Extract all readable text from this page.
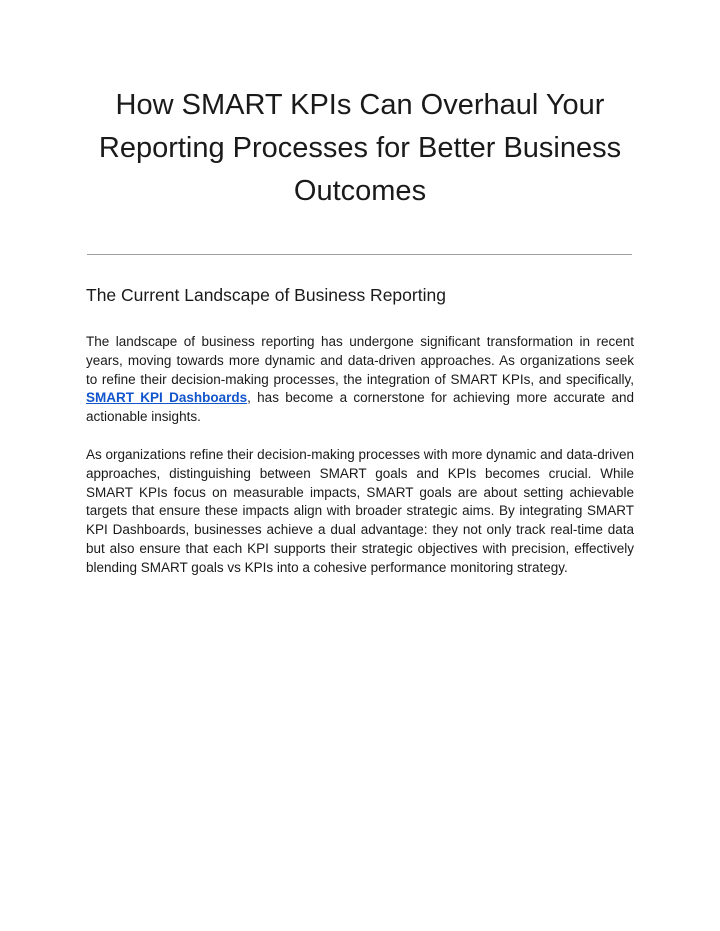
How SMART KPIs Can Overhaul Your Reporting Processes for Better Business Outcomes
The Current Landscape of Business Reporting

The landscape of business reporting has undergone significant transformation in recent years, moving towards more dynamic and data-driven approaches. As organizations seek to refine their decision-making processes, the integration of SMART KPIs, and specifically, SMART KPI Dashboards, has become a cornerstone for achieving more accurate and actionable insights.

As organizations refine their decision-making processes with more dynamic and data-driven approaches, distinguishing between SMART goals and KPIs becomes crucial. While SMART KPIs focus on measurable impacts, SMART goals are about setting achievable targets that ensure these impacts align with broader strategic aims. By integrating SMART KPI Dashboards, businesses achieve a dual advantage: they not only track real-time data but also ensure that each KPI supports their strategic objectives with precision, effectively blending SMART goals vs KPIs into a cohesive performance monitoring strategy.
